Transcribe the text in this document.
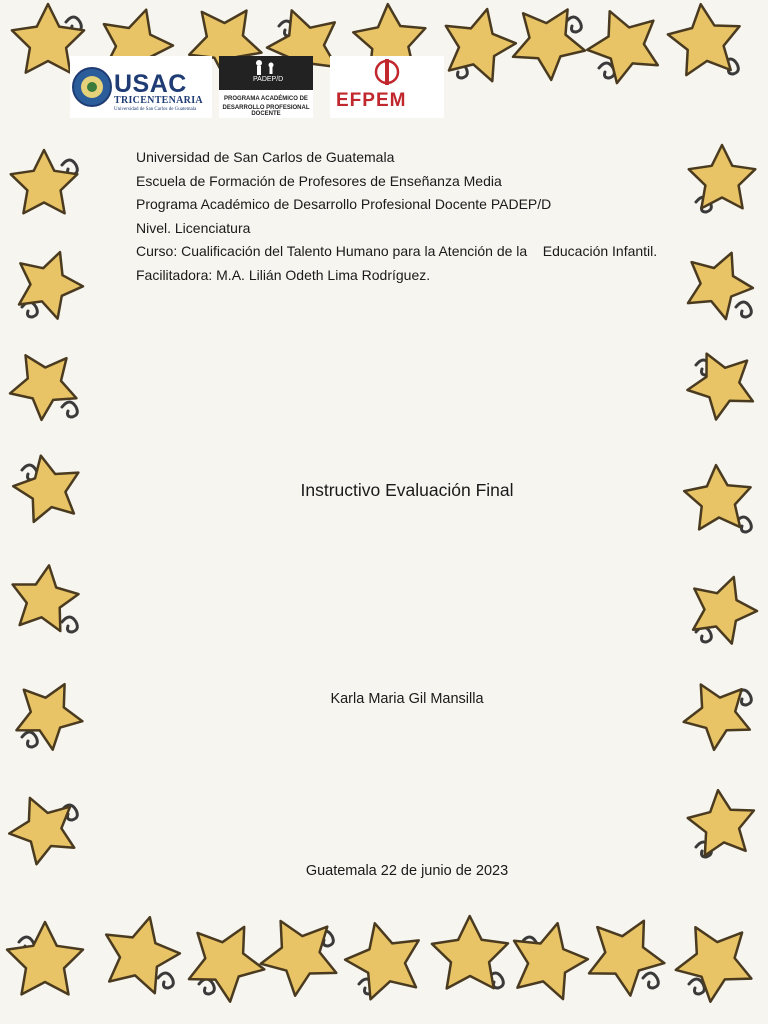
USAC
TRICENTENARIA
Universidad de San Carlos de Guatemala
PADEP/D
PROGRAMA ACADÉMICO DE
DESARROLLO PROFESIONAL DOCENTE
EFPEM
Universidad de San Carlos de Guatemala
Escuela de Formación de Profesores de Enseñanza Media
Programa Académico de Desarrollo Profesional Docente PADEP/D
Nivel. Licenciatura
Curso: Cualificación del Talento Humano para la Atención de la    Educación Infantil.
Facilitadora: M.A. Lilián Odeth Lima Rodríguez.
Instructivo Evaluación Final
Karla Maria Gil Mansilla
Guatemala 22 de junio de 2023
